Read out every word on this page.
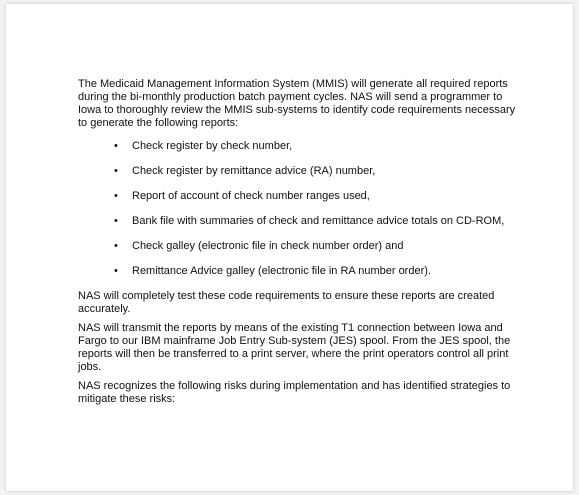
The Medicaid Management Information System (MMIS) will generate all required reports during the bi-monthly production batch payment cycles. NAS will send a programmer to Iowa to thoroughly review the MMIS sub-systems to identify code requirements necessary to generate the following reports:

• Check register by check number,
• Check register by remittance advice (RA) number,
• Report of account of check number ranges used,
• Bank file with summaries of check and remittance advice totals on CD-ROM,
• Check galley (electronic file in check number order) and
• Remittance Advice galley (electronic file in RA number order).

NAS will completely test these code requirements to ensure these reports are created accurately.

NAS will transmit the reports by means of the existing T1 connection between Iowa and Fargo to our IBM mainframe Job Entry Sub-system (JES) spool. From the JES spool, the reports will then be transferred to a print server, where the print operators control all print jobs.

NAS recognizes the following risks during implementation and has identified strategies to mitigate these risks:
